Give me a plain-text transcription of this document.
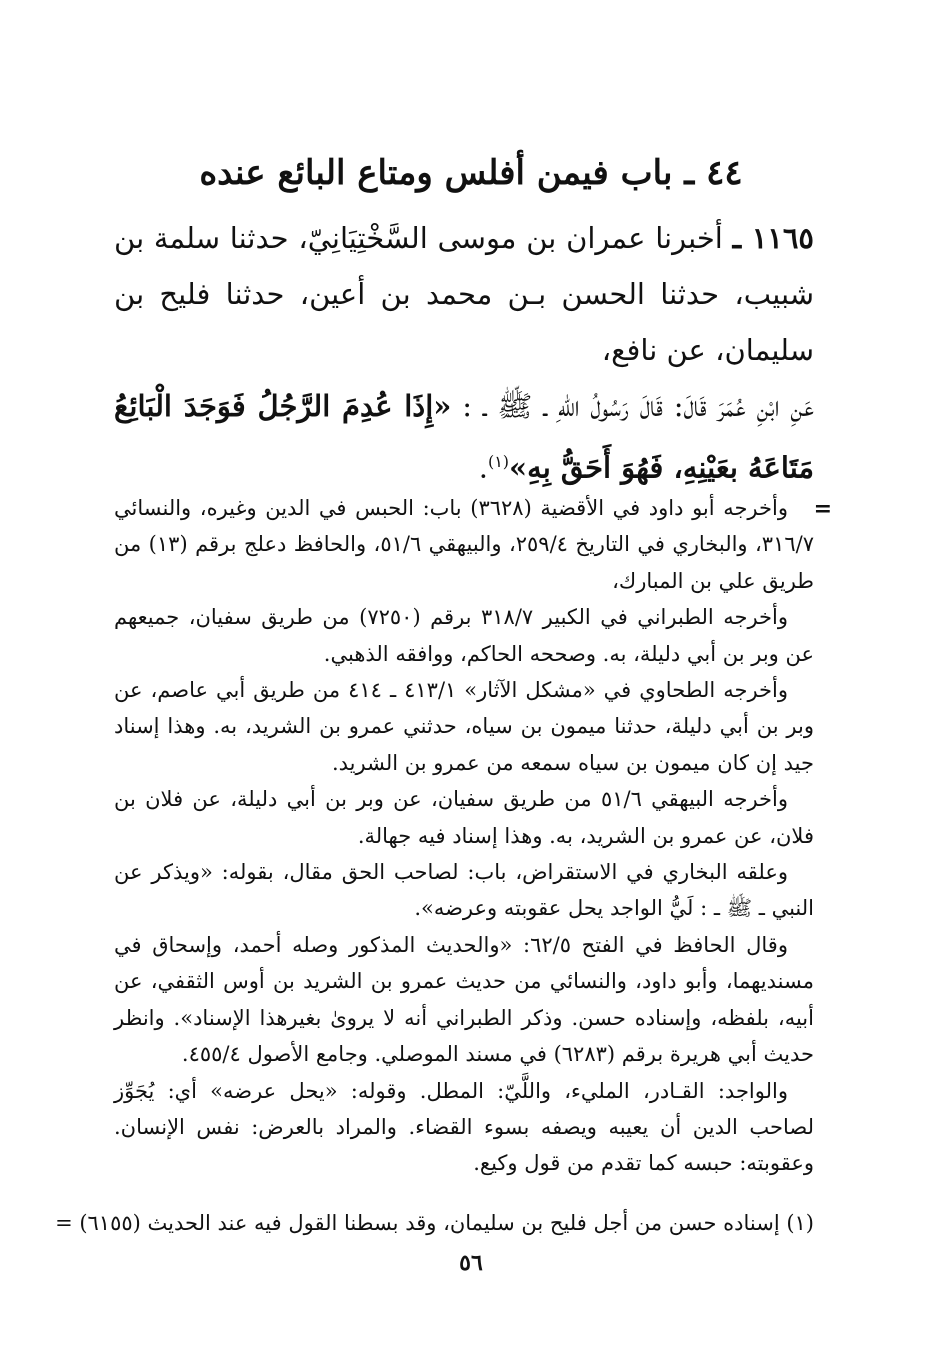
٤٤ ـ باب فيمن أفلس ومتاع البائع عنده

١١٦٥ ـ أخبرنا عمران بن موسى السَّخْتِيَانِيّ، حدثنا سلمة بن شبيب، حدثنا الحسن بـن محمد بن أعين، حدثنا فليح بن سليمان، عن نافع،

عَنِ ابْنِ عُمَرَ قَالَ: قَالَ رَسُولُ اللهِ ـ ﷺ ـ : «إِذَا عُدِمَ الرَّجُلُ فَوَجَدَ الْبَائِعُ مَتَاعَهُ بعَيْنِهِ، فَهُوَ أَحَقُّ بِهِ»$^{(١)}$.

=

وأخرجه أبو داود في الأقضية (٣٦٢٨) باب: الحبس في الدين وغيره، والنسائي ٣١٦/٧، والبخاري في التاريخ ٢٥٩/٤، والبيهقي ٥١/٦، والحافظ دعلج برقم (١٣) من طريق علي بن المبارك،

وأخرجه الطبراني في الكبير ٣١٨/٧ برقم (٧٢٥٠) من طريق سفيان، جميعهم عن وبر بن أبي دليلة، به. وصححه الحاكم، ووافقه الذهبي.

وأخرجه الطحاوي في «مشكل الآثار» ٤١٣/١ ـ ٤١٤ من طريق أبي عاصم، عن وبر بن أبي دليلة، حدثنا ميمون بن سياه، حدثني عمرو بن الشريد، به. وهذا إسناد جيد إن كان ميمون بن سياه سمعه من عمرو بن الشريد.

وأخرجه البيهقي ٥١/٦ من طريق سفيان، عن وبر بن أبي دليلة، عن فلان بن فلان، عن عمرو بن الشريد، به. وهذا إسناد فيه جهالة.

وعلقه البخاري في الاستقراض، باب: لصاحب الحق مقال، بقوله: «ويذكر عن النبي ـ ﷺ ـ : لَيُّ الواجد يحل عقوبته وعرضه».

وقال الحافظ في الفتح ٦٢/٥: «والحديث المذكور وصله أحمد، وإسحاق في مسنديهما، وأبو داود، والنسائي من حديث عمرو بن الشريد بن أوس الثقفي، عن أبيه، بلفظه، وإسناده حسن. وذكر الطبراني أنه لا يروىٰ بغيرهذا الإسناد». وانظر حديث أبي هريرة برقم (٦٢٨٣) في مسند الموصلي. وجامع الأصول ٤٥٥/٤.

والواجد: القـادر، المليء، واللَّيّ: المطل. وقوله: «يحل عرضه» أي: يُجَوِّز لصاحب الدين أن يعيبه ويصفه بسوء القضاء. والمراد بالعرض: نفس الإنسان. وعقوبته: حبسه كما تقدم من قول وكيع.

(١) إسناده حسن من أجل فليح بن سليمان، وقد بسطنا القول فيه عند الحديث (٦١٥٥) =

٥٦
